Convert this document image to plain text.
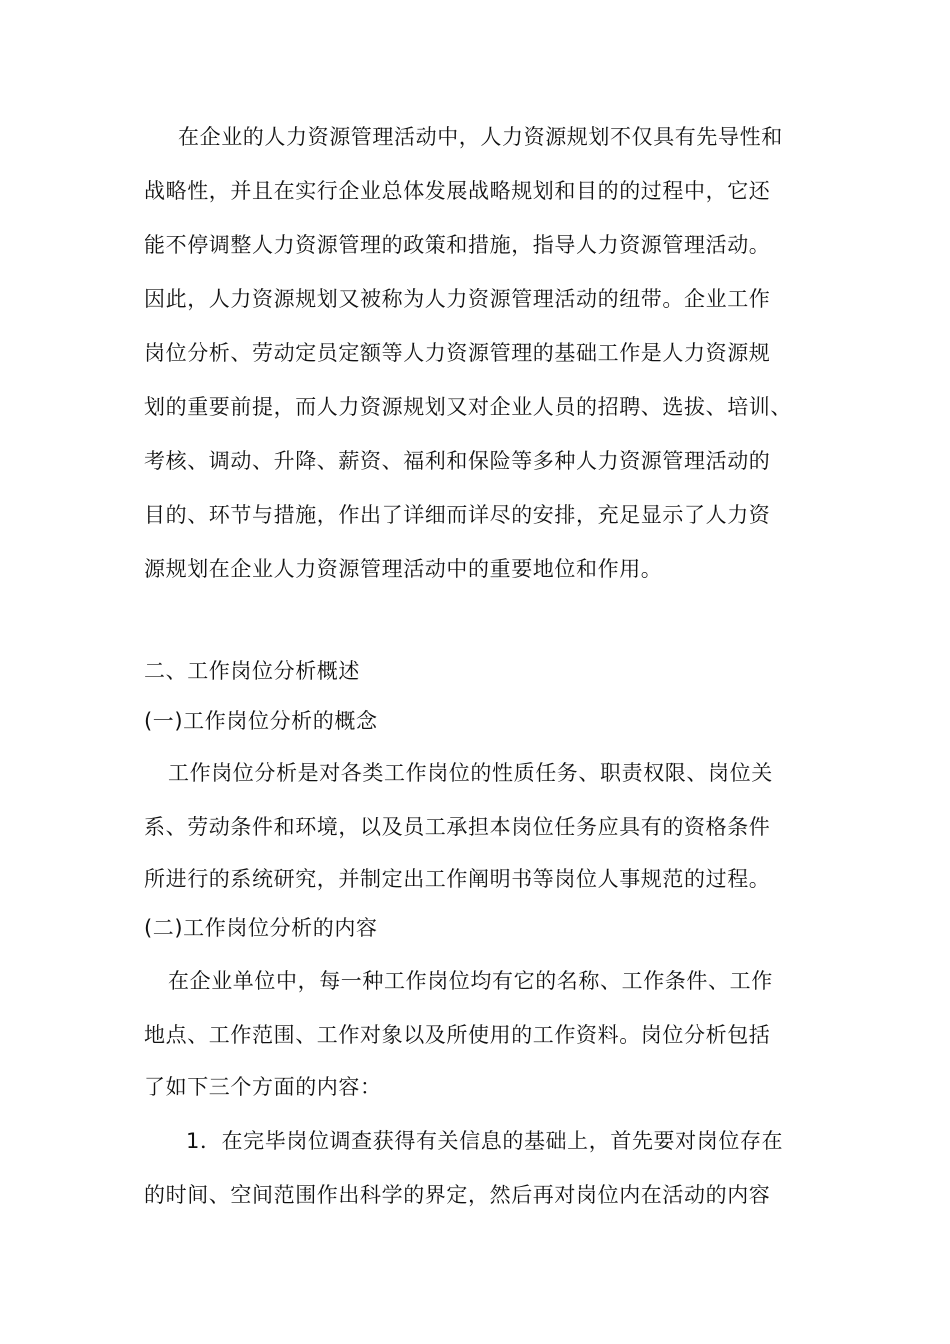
在企业的人力资源管理活动中，人力资源规划不仅具有先导性和
战略性，并且在实行企业总体发展战略规划和目的的过程中，它还
能不停调整人力资源管理的政策和措施，指导人力资源管理活动。
因此，人力资源规划又被称为人力资源管理活动的纽带。企业工作
岗位分析、劳动定员定额等人力资源管理的基础工作是人力资源规
划的重要前提，而人力资源规划又对企业人员的招聘、选拔、培训、
考核、调动、升降、薪资、福利和保险等多种人力资源管理活动的
目的、环节与措施，作出了详细而详尽的安排，充足显示了人力资
源规划在企业人力资源管理活动中的重要地位和作用。
二、工作岗位分析概述
(一)工作岗位分析的概念
工作岗位分析是对各类工作岗位的性质任务、职责权限、岗位关
系、劳动条件和环境，以及员工承担本岗位任务应具有的资格条件
所进行的系统研究，并制定出工作阐明书等岗位人事规范的过程。
(二)工作岗位分析的内容
在企业单位中，每一种工作岗位均有它的名称、工作条件、工作
地点、工作范围、工作对象以及所使用的工作资料。岗位分析包括
了如下三个方面的内容：
1．在完毕岗位调查获得有关信息的基础上，首先要对岗位存在
的时间、空间范围作出科学的界定，然后再对岗位内在活动的内容
